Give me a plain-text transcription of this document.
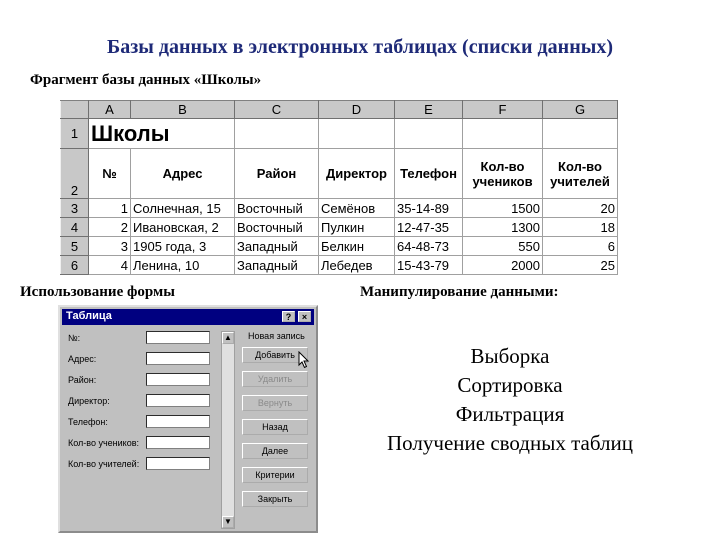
Базы данных в электронных таблицах (списки данных)
Фрагмент базы данных «Школы»
	A	B	C	D	E	F	G
1	Школы						
2	№	Адрес	Район	Директор	Телефон	Кол-во учеников	Кол-во учителей
3	1	Солнечная, 15	Восточный	Семёнов	35-14-89	1500	20
4	2	Ивановская, 2	Восточный	Пулкин	12-47-35	1300	18
5	3	1905 года, 3	Западный	Белкин	64-48-73	550	6
6	4	Ленина, 10	Западный	Лебедев	15-43-79	2000	25
Использование формы	Манипулирование данными:
Таблица	?	×
№:
Адрес:
Район:
Директор:
Телефон:
Кол-во учеников:
Кол-во учителей:
▲
▼
Новая запись
Добавить
Удалить
Вернуть
Назад
Далее
Критерии
Закрыть
Выборка
Сортировка
Фильтрация
Получение сводных таблиц
